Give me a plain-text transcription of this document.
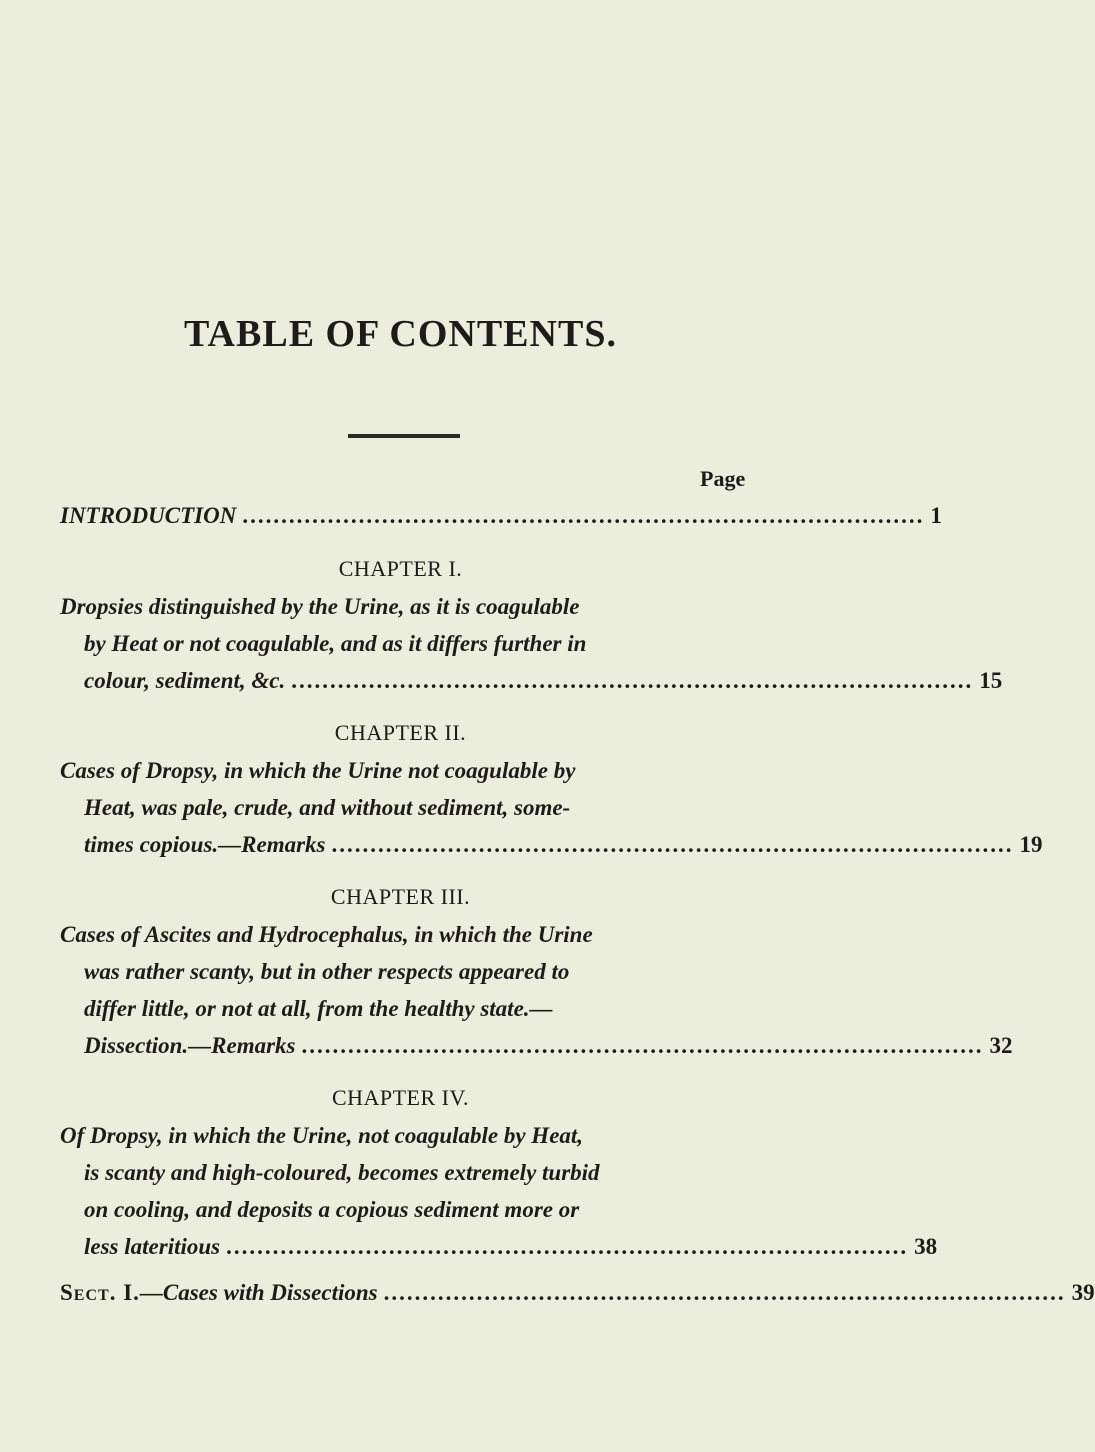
TABLE OF CONTENTS.
Page
INTRODUCTION ........................................................................................ 1
CHAPTER I.
Dropsies distinguished by the Urine, as it is coagulable
by Heat or not coagulable, and as it differs further in
colour, sediment, &c. ........................................................................................ 15
CHAPTER II.
Cases of Dropsy, in which the Urine not coagulable by
Heat, was pale, crude, and without sediment, some-
times copious.—Remarks ........................................................................................ 19
CHAPTER III.
Cases of Ascites and Hydrocephalus, in which the Urine
was rather scanty, but in other respects appeared to
differ little, or not at all, from the healthy state.—
Dissection.—Remarks ........................................................................................ 32
CHAPTER IV.
Of Dropsy, in which the Urine, not coagulable by Heat,
is scanty and high-coloured, becomes extremely turbid
on cooling, and deposits a copious sediment more or
less lateritious ........................................................................................ 38
Sect. I.—Cases with Dissections ........................................................................................ 39
